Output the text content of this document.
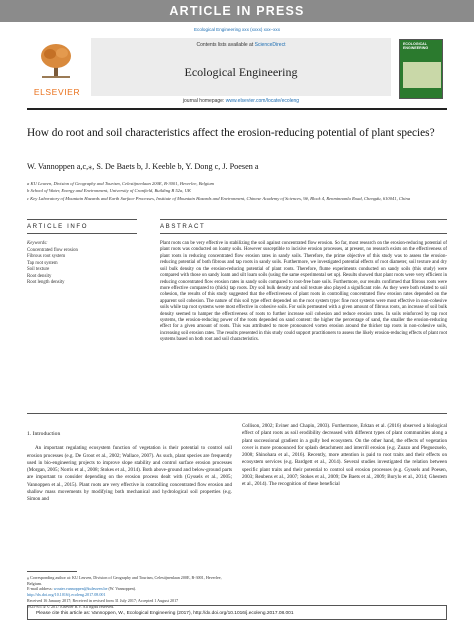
ARTICLE IN PRESS
Ecological Engineering xxx (xxxx) xxx–xxx
ELSEVIER
Contents lists available at ScienceDirect
Ecological Engineering
journal homepage: www.elsevier.com/locate/ecoleng
ECOLOGICAL ENGINEERING
How do root and soil characteristics affect the erosion-reducing potential of plant species?
W. Vannoppen a,c,⁎, S. De Baets b, J. Keeble b, Y. Dong c, J. Poesen a
a KU Leuven, Division of Geography and Tourism, Celestijnenlaan 200E, B-3001, Heverlee, Belgium
b School of Water, Energy and Environment, University of Cranfield, Building B 52a, UK
c Key Laboratory of Mountain Hazards and Earth Surface Processes, Institute of Mountain Hazards and Environment, Chinese Academy of Sciences, 9#, Block 4, Renminnanlu Road, Chengdu, 610041, China
ARTICLE INFO	ABSTRACT
Keywords:
Concentrated flow erosion
Fibrous root system
Tap root system
Soil texture
Root density
Root length density
Plant roots can be very effective in stabilizing the soil against concentrated flow erosion. So far, most research on the erosion-reducing potential of plant roots was conducted on loamy soils. However susceptible to incisive erosion processes, at present, no research exists on the effectiveness of plant roots in reducing concentrated flow erosion rates in sandy soils. Therefore, the prime objective of this study was to assess the erosion-reducing potential of both fibrous and tap roots in sandy soils. Furthermore, we investigated potential effects of root diameter, soil texture and dry soil bulk density on the erosion-reducing potential of plant roots. Therefore, flume experiments conducted on sandy soils (this study) were compared with those on sandy loam and silt loam soils (using the same experimental set up). Results showed that plant roots were very efficient in reducing concentrated flow erosion rates in sandy soils compared to root-free bare soils. Furthermore, our results confirmed that fibrous roots were more effective compared to (thick) tap roots. Dry soil bulk density and soil texture also played a significant role. As they were both related to soil cohesion, the results of this study suggested that the effectiveness of plant roots in controlling concentrated flow erosion rates depended on the apparent soil cohesion. The nature of this soil type effect depended on the root system type: fine root systems were most effective in non-cohesive soils while tap root systems were most effective in cohesive soils. For soils permeated with a given amount of fibrous roots, an increase of soil bulk density seemed to hamper the effectiveness of roots to further increase soil cohesion and reduce erosion rates. In soils reinforced by tap root systems, the erosion-reducing power of the roots depended on sand content: the higher the percentage of sand, the smaller the erosion-reducing effect for a given amount of roots. This was attributed to more pronounced vortex erosion around the thicker tap roots in non-cohesive soils, increasing soil erosion rates. The results presented in this study could support practitioners to assess the likely erosion-reducing effects of plant root systems based on both root and soil characteristics.
1. Introduction

An important regulating ecosystem function of vegetation is their potential to control soil erosion processes (e.g. De Groot et al., 2002; Wallace, 2007). As such, plant species are frequently used in bio-engineering projects to improve slope stability and control surface erosion processes (Morgan, 2005; Norris et al., 2008; Stokes et al., 2014). Both above-ground and below-ground parts are important to consider depending on the erosion process dealt with (Gyssels et al., 2005; Vannoppen et al., 2015). Plant roots are very effective in controlling concentrated flow erosion and shallow mass movements by modifying both mechanical and hydrological soil properties (e.g. Simon and

Collison, 2002; Eviner and Chapin, 2003). Furthermore, Erktan et al. (2016) observed a biological effect of plant roots as soil erodibility decreased with different types of plant communities along a plant successional gradient in a gully bed ecosystem. On the other hand, the effects of vegetation cover is more pronounced for splash detachment and interrill erosion (e.g. Zuazo and Pleguezuelo, 2008; Shinohara et al., 2016). Recently, more attention is paid to root traits and their effects on ecosystem services (e.g. Bardgett et al., 2014). Several studies investigated the relation between specific plant traits and their potential to control soil erosion processes (e.g. Gyssels and Poesen, 2003; Reubens et al., 2007; Stokes et al., 2009; De Baets et al., 2009; Burylo et al., 2014; Ghestem et al., 2014). The recognition of these beneficial

⁎ Corresponding author at: KU Leuven, Division of Geography and Tourism, Celestijnenlaan 200E, B-3001, Heverlee, Belgium.
E-mail address: wouter.vannoppen@kuleuven.be (W. Vannoppen).
http://dx.doi.org/10.1016/j.ecoleng.2017.08.001
Received 16 January 2017; Received in revised form 31 July 2017; Accepted 1 August 2017
0925-8574/ © 2017 Elsevier B.V. All rights reserved.
Please cite this article as: Vannoppen, W., Ecological Engineering (2017), http://dx.doi.org/10.1016/j.ecoleng.2017.08.001
